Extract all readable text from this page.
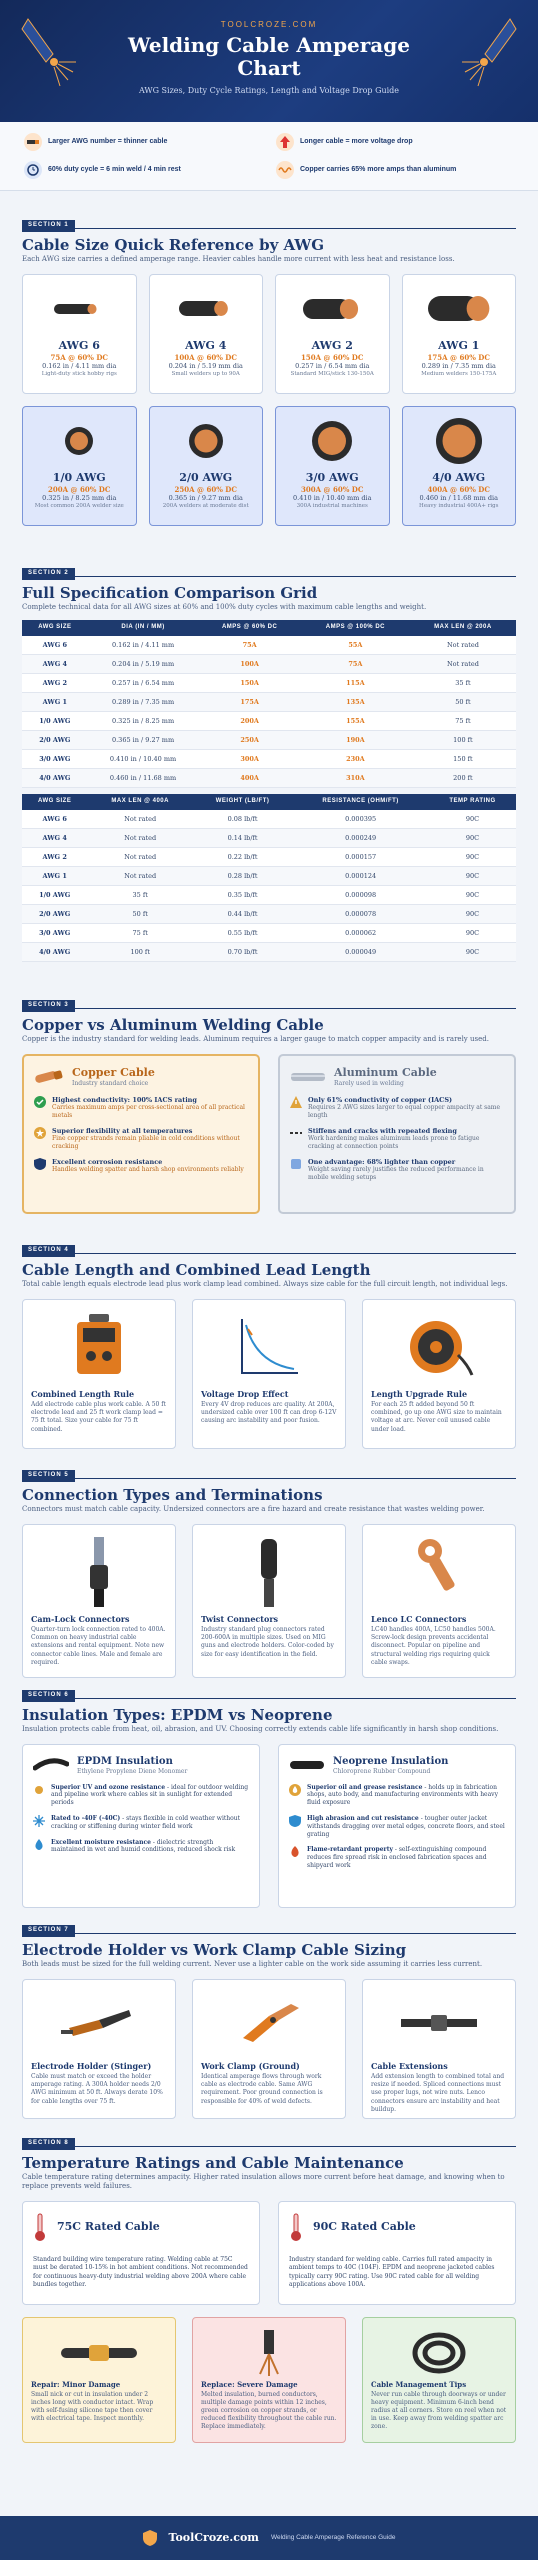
TOOLCROZE.COM
Welding Cable Amperage
Chart
AWG Sizes, Duty Cycle Ratings, Length and Voltage Drop Guide
Larger AWG number = thinner cable	Longer cable = more voltage drop
60% duty cycle = 6 min weld / 4 min rest	Copper carries 65% more amps than aluminum
SECTION 1
Cable Size Quick Reference by AWG
Each AWG size carries a defined amperage range. Heavier cables handle more current with less heat and resistance loss.
AWG 6
75A @ 60% DC
0.162 in / 4.11 mm dia
Light-duty stick hobby rigs
AWG 4
100A @ 60% DC
0.204 in / 5.19 mm dia
Small welders up to 90A
AWG 2
150A @ 60% DC
0.257 in / 6.54 mm dia
Standard MIG/stick 130-150A
AWG 1
175A @ 60% DC
0.289 in / 7.35 mm dia
Medium welders 150-175A
1/0 AWG
200A @ 60% DC
0.325 in / 8.25 mm dia
Most common 200A welder size
2/0 AWG
250A @ 60% DC
0.365 in / 9.27 mm dia
200A welders at moderate dist
3/0 AWG
300A @ 60% DC
0.410 in / 10.40 mm dia
300A industrial machines
4/0 AWG
400A @ 60% DC
0.460 in / 11.68 mm dia
Heavy industrial 400A+ rigs
SECTION 2
Full Specification Comparison Grid
Complete technical data for all AWG sizes at 60% and 100% duty cycles with maximum cable lengths and weight.
AWG SIZE	DIA (IN / MM)	AMPS @ 60% DC	AMPS @ 100% DC	MAX LEN @ 200A
AWG 6	0.162 in / 4.11 mm	75A	55A	Not rated
AWG 4	0.204 in / 5.19 mm	100A	75A	Not rated
AWG 2	0.257 in / 6.54 mm	150A	115A	35 ft
AWG 1	0.289 in / 7.35 mm	175A	135A	50 ft
1/0 AWG	0.325 in / 8.25 mm	200A	155A	75 ft
2/0 AWG	0.365 in / 9.27 mm	250A	190A	100 ft
3/0 AWG	0.410 in / 10.40 mm	300A	230A	150 ft
4/0 AWG	0.460 in / 11.68 mm	400A	310A	200 ft
AWG SIZE	MAX LEN @ 400A	WEIGHT (LB/FT)	RESISTANCE (OHM/FT)	TEMP RATING
AWG 6	Not rated	0.08 lb/ft	0.000395	90C
AWG 4	Not rated	0.14 lb/ft	0.000249	90C
AWG 2	Not rated	0.22 lb/ft	0.000157	90C
AWG 1	Not rated	0.28 lb/ft	0.000124	90C
1/0 AWG	35 ft	0.35 lb/ft	0.000098	90C
2/0 AWG	50 ft	0.44 lb/ft	0.000078	90C
3/0 AWG	75 ft	0.55 lb/ft	0.000062	90C
4/0 AWG	100 ft	0.70 lb/ft	0.000049	90C
SECTION 3
Copper vs Aluminum Welding Cable
Copper is the industry standard for welding leads. Aluminum requires a larger gauge to match copper ampacity and is rarely used.
Copper Cable
Industry standard choice
Highest conductivity: 100% IACS rating
Carries maximum amps per cross-sectional area of all practical metals
Superior flexibility at all temperatures
Fine copper strands remain pliable in cold conditions without cracking
Excellent corrosion resistance
Handles welding spatter and harsh shop environments reliably
Aluminum Cable
Rarely used in welding
Only 61% conductivity of copper (IACS)
Requires 2 AWG sizes larger to equal copper ampacity at same length
Stiffens and cracks with repeated flexing
Work hardening makes aluminum leads prone to fatigue cracking at connection points
One advantage: 68% lighter than copper
Weight saving rarely justifies the reduced performance in mobile welding setups
SECTION 4
Cable Length and Combined Lead Length
Total cable length equals electrode lead plus work clamp lead combined. Always size cable for the full circuit length, not individual legs.
Combined Length Rule
Add electrode cable plus work cable. A 50 ft electrode lead and 25 ft work clamp lead = 75 ft total. Size your cable for 75 ft combined.
Voltage Drop Effect
Every 4V drop reduces arc quality. At 200A, undersized cable over 100 ft can drop 6-12V causing arc instability and poor fusion.
Length Upgrade Rule
For each 25 ft added beyond 50 ft combined, go up one AWG size to maintain voltage at arc. Never coil unused cable under load.
SECTION 5
Connection Types and Terminations
Connectors must match cable capacity. Undersized connectors are a fire hazard and create resistance that wastes welding power.
Cam-Lock Connectors
Quarter-turn lock connection rated to 400A. Common on heavy industrial cable extensions and rental equipment. Note new connector cable lines. Male and female are required.
Twist Connectors
Industry standard plug connectors rated 200-600A in multiple sizes. Used on MIG guns and electrode holders. Color-coded by size for easy identification in the field.
Lenco LC Connectors
LC40 handles 400A, LC50 handles 500A. Screw-lock design prevents accidental disconnect. Popular on pipeline and structural welding rigs requiring quick cable swaps.
SECTION 6
Insulation Types: EPDM vs Neoprene
Insulation protects cable from heat, oil, abrasion, and UV. Choosing correctly extends cable life significantly in harsh shop conditions.
EPDM Insulation
Ethylene Propylene Diene Monomer
Superior UV and ozone resistance - ideal for outdoor welding and pipeline work where cables sit in sunlight for extended periods
Rated to -40F (-40C) - stays flexible in cold weather without cracking or stiffening during winter field work
Excellent moisture resistance - dielectric strength maintained in wet and humid conditions, reduced shock risk
Neoprene Insulation
Chloroprene Rubber Compound
Superior oil and grease resistance - holds up in fabrication shops, auto body, and manufacturing environments with heavy fluid exposure
High abrasion and cut resistance - tougher outer jacket withstands dragging over metal edges, concrete floors, and steel grating
Flame-retardant property - self-extinguishing compound reduces fire spread risk in enclosed fabrication spaces and shipyard work
SECTION 7
Electrode Holder vs Work Clamp Cable Sizing
Both leads must be sized for the full welding current. Never use a lighter cable on the work side assuming it carries less current.
Electrode Holder (Stinger)
Cable must match or exceed the holder amperage rating. A 300A holder needs 2/0 AWG minimum at 50 ft. Always derate 10% for cable lengths over 75 ft.
Work Clamp (Ground)
Identical amperage flows through work cable as electrode cable. Same AWG requirement. Poor ground connection is responsible for 40% of weld defects.
Cable Extensions
Add extension length to combined total and resize if needed. Spliced connections must use proper lugs, not wire nuts. Lenco connectors ensure arc instability and heat buildup.
SECTION 8
Temperature Ratings and Cable Maintenance
Cable temperature rating determines ampacity. Higher rated insulation allows more current before heat damage, and knowing when to replace prevents weld failures.
75C Rated Cable
Standard building wire temperature rating. Welding cable at 75C must be derated 10-15% in hot ambient conditions. Not recommended for continuous heavy-duty industrial welding above 200A where cable bundles together.
90C Rated Cable
Industry standard for welding cable. Carries full rated ampacity in ambient temps to 40C (104F). EPDM and neoprene jacketed cables typically carry 90C rating. Use 90C rated cable for all welding applications above 100A.
Repair: Minor Damage
Small nick or cut in insulation under 2 inches long with conductor intact. Wrap with self-fusing silicone tape then cover with electrical tape. Inspect monthly.
Replace: Severe Damage
Melted insulation, burned conductors, multiple damage points within 12 inches, green corrosion on copper strands, or reduced flexibility throughout the cable run. Replace immediately.
Cable Management Tips
Never run cable through doorways or under heavy equipment. Minimum 6-inch bend radius at all corners. Store on reel when not in use. Keep away from welding spatter arc zone.
ToolCroze.com Welding Cable Amperage Reference Guide
